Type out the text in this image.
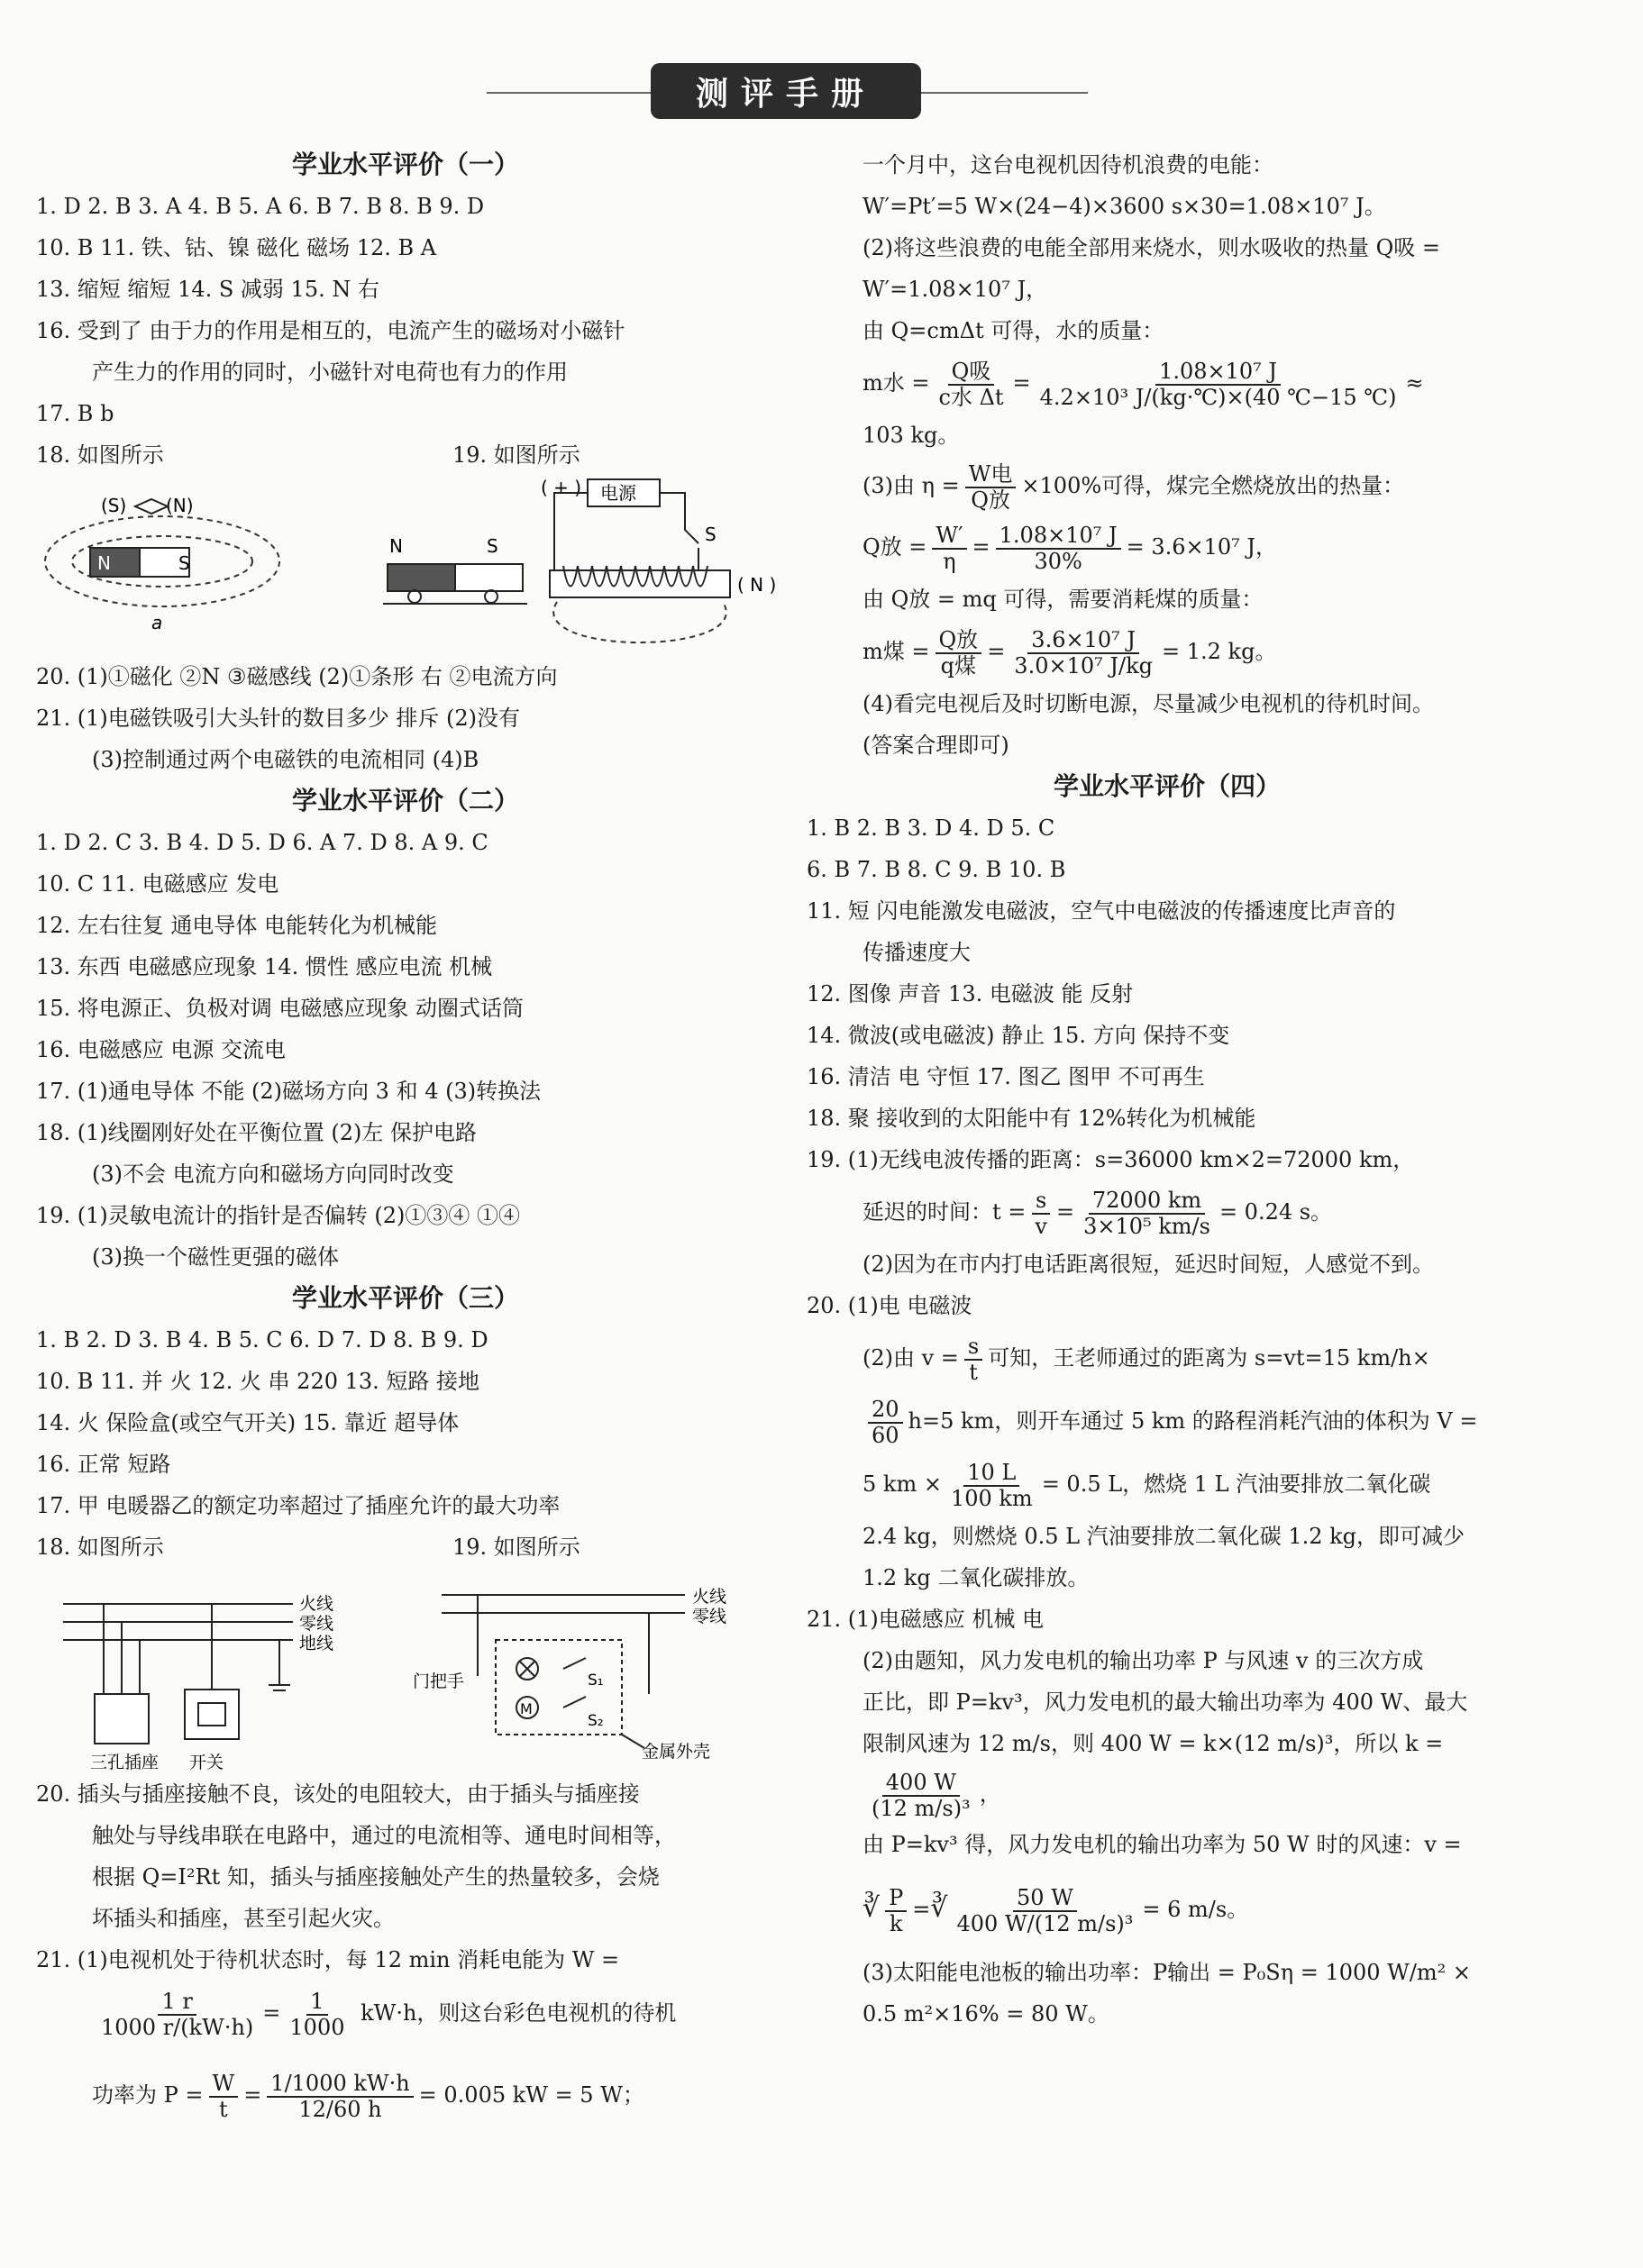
测评手册
学业水平评价（一）
1. D 2. B 3. A 4. B 5. A 6. B 7. B 8. B 9. D
10. B 11. 铁、钴、镍 磁化 磁场 12. B A
13. 缩短 缩短 14. S 减弱 15. N 右
16. 受到了 由于力的作用是相互的，电流产生的磁场对小磁针
产生力的作用的同时，小磁针对电荷也有力的作用
17. B b
18. 如图所示	19. 如图所示
N	S
(S) (N)
a
N	S
( + ) 电源
S
( N )
20. (1)①磁化 ②N ③磁感线 (2)①条形 右 ②电流方向
21. (1)电磁铁吸引大头针的数目多少 排斥 (2)没有
(3)控制通过两个电磁铁的电流相同 (4)B
学业水平评价（二）
1. D 2. C 3. B 4. D 5. D 6. A 7. D 8. A 9. C
10. C 11. 电磁感应 发电
12. 左右往复 通电导体 电能转化为机械能
13. 东西 电磁感应现象 14. 惯性 感应电流 机械
15. 将电源正、负极对调 电磁感应现象 动圈式话筒
16. 电磁感应 电源 交流电
17. (1)通电导体 不能 (2)磁场方向 3 和 4 (3)转换法
18. (1)线圈刚好处在平衡位置 (2)左 保护电路
(3)不会 电流方向和磁场方向同时改变
19. (1)灵敏电流计的指针是否偏转 (2)①③④ ①④
(3)换一个磁性更强的磁体
学业水平评价（三）
1. B 2. D 3. B 4. B 5. C 6. D 7. D 8. B 9. D
10. B 11. 并 火 12. 火 串 220 13. 短路 接地
14. 火 保险盒(或空气开关) 15. 靠近 超导体
16. 正常 短路
17. 甲 电暖器乙的额定功率超过了插座允许的最大功率
18. 如图所示	19. 如图所示
火线
零线
地线
三孔插座 开关
火线
零线
M
S₁
S₂
门把手
金属外壳
20. 插头与插座接触不良，该处的电阻较大，由于插头与插座接
触处与导线串联在电路中，通过的电流相等、通电时间相等，
根据 Q=I²Rt 知，插头与插座接触处产生的热量较多，会烧
坏插头和插座，甚至引起火灾。
21. (1)电视机处于待机状态时，每 12 min 消耗电能为 W =
$\frac{1 r}{1000 r/(kW\cdot h)} = \frac{1}{1000} kW\cdot h$，则这台彩色电视机的待机
功率为 $P = \frac{W}{t} = \frac{1/1000 kW\cdot h}{12/60 h} = 0.005$ kW = 5 W；
一个月中，这台电视机因待机浪费的电能：
W′=Pt′=5 W×(24−4)×3600 s×30=1.08×10⁷ J。
(2)将这些浪费的电能全部用来烧水，则水吸收的热量 Q吸 =
W′=1.08×10⁷ J，
由 Q=cmΔt 可得，水的质量：
m水 = $\frac{\text{Q吸}}{\text{c水 Δt}} = \frac{\text{1.08×10⁷ J}}{\text{4.2×10³ J/(kg·℃)×(40 ℃−15 ℃)}}$ ≈
103 kg。
(3)由 $\eta = \frac{\text{W电}}{\text{Q放}} \times 100\%$可得，煤完全燃烧放出的热量：
Q放 = $\frac{W'}{\eta} = \frac{\text{1.08×10⁷ J}}{30\%} = 3.6\times 10^7$ J，
由 Q放 = mq 可得，需要消耗煤的质量：
m煤 = $\frac{\text{Q放}}{\text{q煤}} = \frac{\text{3.6×10⁷ J}}{\text{3.0×10⁷ J/kg}} = 1.2$ kg。
(4)看完电视后及时切断电源，尽量减少电视机的待机时间。
(答案合理即可)
学业水平评价（四）
1. B 2. B 3. D 4. D 5. C
6. B 7. B 8. C 9. B 10. B
11. 短 闪电能激发电磁波，空气中电磁波的传播速度比声音的
传播速度大
12. 图像 声音 13. 电磁波 能 反射
14. 微波(或电磁波) 静止 15. 方向 保持不变
16. 清洁 电 守恒 17. 图乙 图甲 不可再生
18. 聚 接收到的太阳能中有 12%转化为机械能
19. (1)无线电波传播的距离：s=36000 km×2=72000 km，
延迟的时间：$t = \frac{s}{v} = \frac{72000 km}{\text{3×10⁵ km/s}} = 0.24$ s。
(2)因为在市内打电话距离很短，延迟时间短，人感觉不到。
20. (1)电 电磁波
(2)由 $v = \frac{s}{t}$ 可知，王老师通过的距离为 s=vt=15 km/h×
$\frac{20}{60} h=5$ km，则开车通过 5 km 的路程消耗汽油的体积为 V =
5 km × $\frac{10 L}{100 km} = 0.5$ L，燃烧 1 L 汽油要排放二氧化碳
2.4 kg，则燃烧 0.5 L 汽油要排放二氧化碳 1.2 kg，即可减少
1.2 kg 二氧化碳排放。
21. (1)电磁感应 机械 电
(2)由题知，风力发电机的输出功率 P 与风速 v 的三次方成
正比，即 P=kv³，风力发电机的最大输出功率为 400 W、最大
限制风速为 12 m/s，则 400 W = k×(12 m/s)³，所以 k =
$\frac{400 W}{\text{(12 m/s)³}}$ ，
由 P=kv³ 得，风力发电机的输出功率为 50 W 时的风速：v =
∛ $\frac{P}{k}$ =∛ $\frac{50 W}{\text{400 W/(12 m/s)³}} = 6$ m/s。
(3)太阳能电池板的输出功率：P输出 = P₀Sη = 1000 W/m² ×
0.5 m²×16% = 80 W。
